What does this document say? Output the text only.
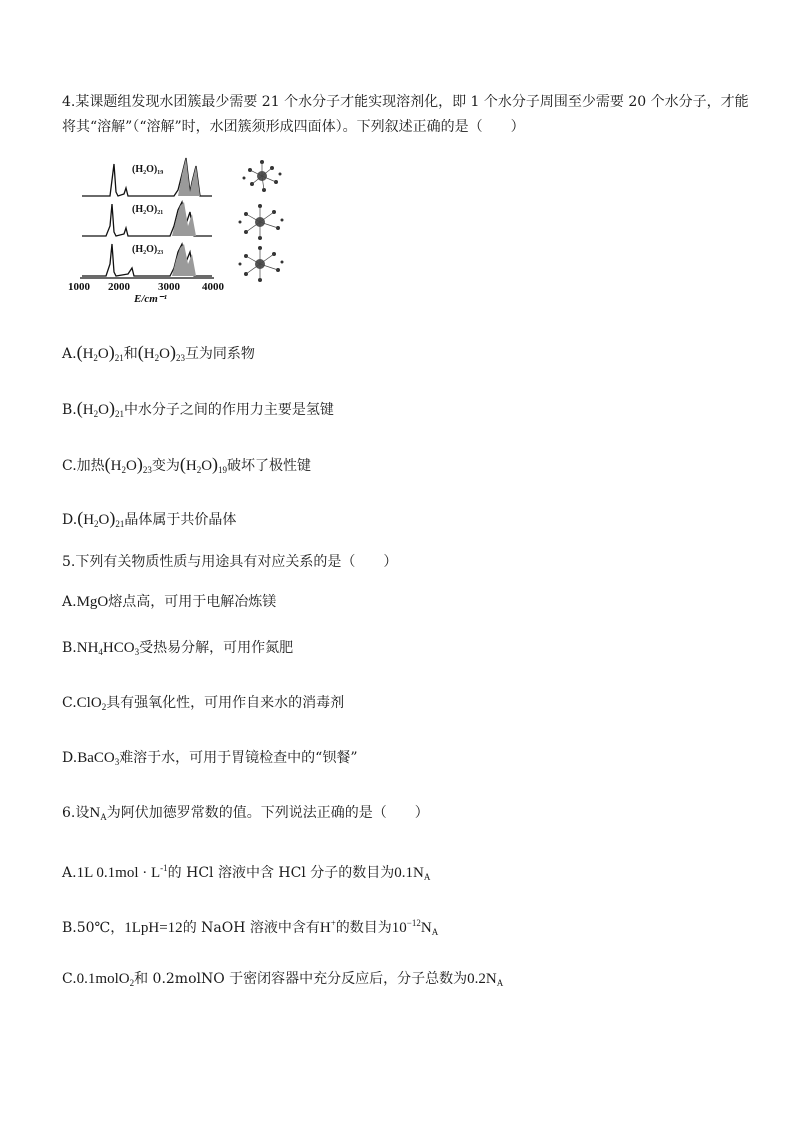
4.某课题组发现水团簇最少需要 21 个水分子才能实现溶剂化，即 1 个水分子周围至少需要 20 个水分子，才能
将其“溶解”（“溶解”时，水团簇须形成四面体）。下列叙述正确的是（　　）
(H₂O)₁₉
(H₂O)₂₁
(H₂O)₂₃
1000 2000	3000 4000
E/cm⁻¹
$A.(H_2O)_{21}$和$(H_2O)_{23}$互为同系物
$B.(H_2O)_{21}$中水分子之间的作用力主要是氢键
C.加热$(H_2O)_{23}$变为$(H_2O)_{19}$破坏了极性键
$D.(H_2O)_{21}$晶体属于共价晶体
5.下列有关物质性质与用途具有对应关系的是（　　）
A.MgO熔点高，可用于电解冶炼镁
$B.NH_4HCO_3$受热易分解，可用作氮肥
C.ClO$_2$具有强氧化性，可用作自来水的消毒剂
D.BaCO$_3$难溶于水，可用于胃镜检查中的“钡餐”
6.设$N_A$为阿伏加德罗常数的值。下列说法正确的是（　　）
A.1L $0.1mol \cdot L^{-1}$的 HCl 溶液中含 HCl 分子的数目为$0.1N_A$
B.50℃，1LpH=12的 NaOH 溶液中含有H+的数目为$10^{-12}N_A$
C.0.1molO$_2$和 0.2molNO 于密闭容器中充分反应后，分子总数为$0.2N_A$
